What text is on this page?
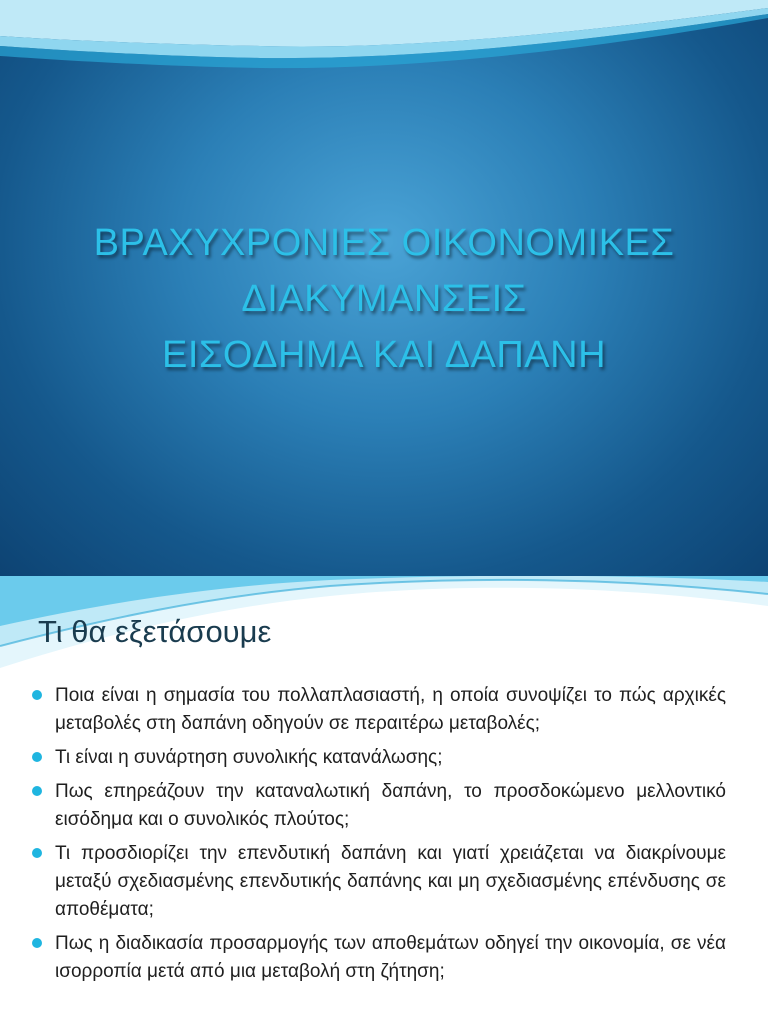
ΒΡΑΧΥΧΡΟΝΙΕΣ ΟΙΚΟΝΟΜΙΚΕΣ
ΔΙΑΚΥΜΑΝΣΕΙΣ
ΕΙΣΟΔΗΜΑ ΚΑΙ ΔΑΠΑΝΗ
Τι θα εξετάσουμε
Ποια είναι η σημασία του πολλαπλασιαστή, η οποία συνοψίζει το πώς αρχικές μεταβολές στη δαπάνη οδηγούν σε περαιτέρω μεταβολές;
Τι είναι η συνάρτηση συνολικής κατανάλωσης;
Πως επηρεάζουν την καταναλωτική δαπάνη, το προσδοκώμενο μελλοντικό εισόδημα και ο συνολικός πλούτος;
Τι προσδιορίζει την επενδυτική δαπάνη και γιατί χρειάζεται να διακρίνουμε μεταξύ σχεδιασμένης επενδυτικής δαπάνης και μη σχεδιασμένης επένδυσης σε αποθέματα;
Πως η διαδικασία προσαρμογής των αποθεμάτων οδηγεί την οικονομία, σε νέα ισορροπία μετά από μια μεταβολή στη ζήτηση;
